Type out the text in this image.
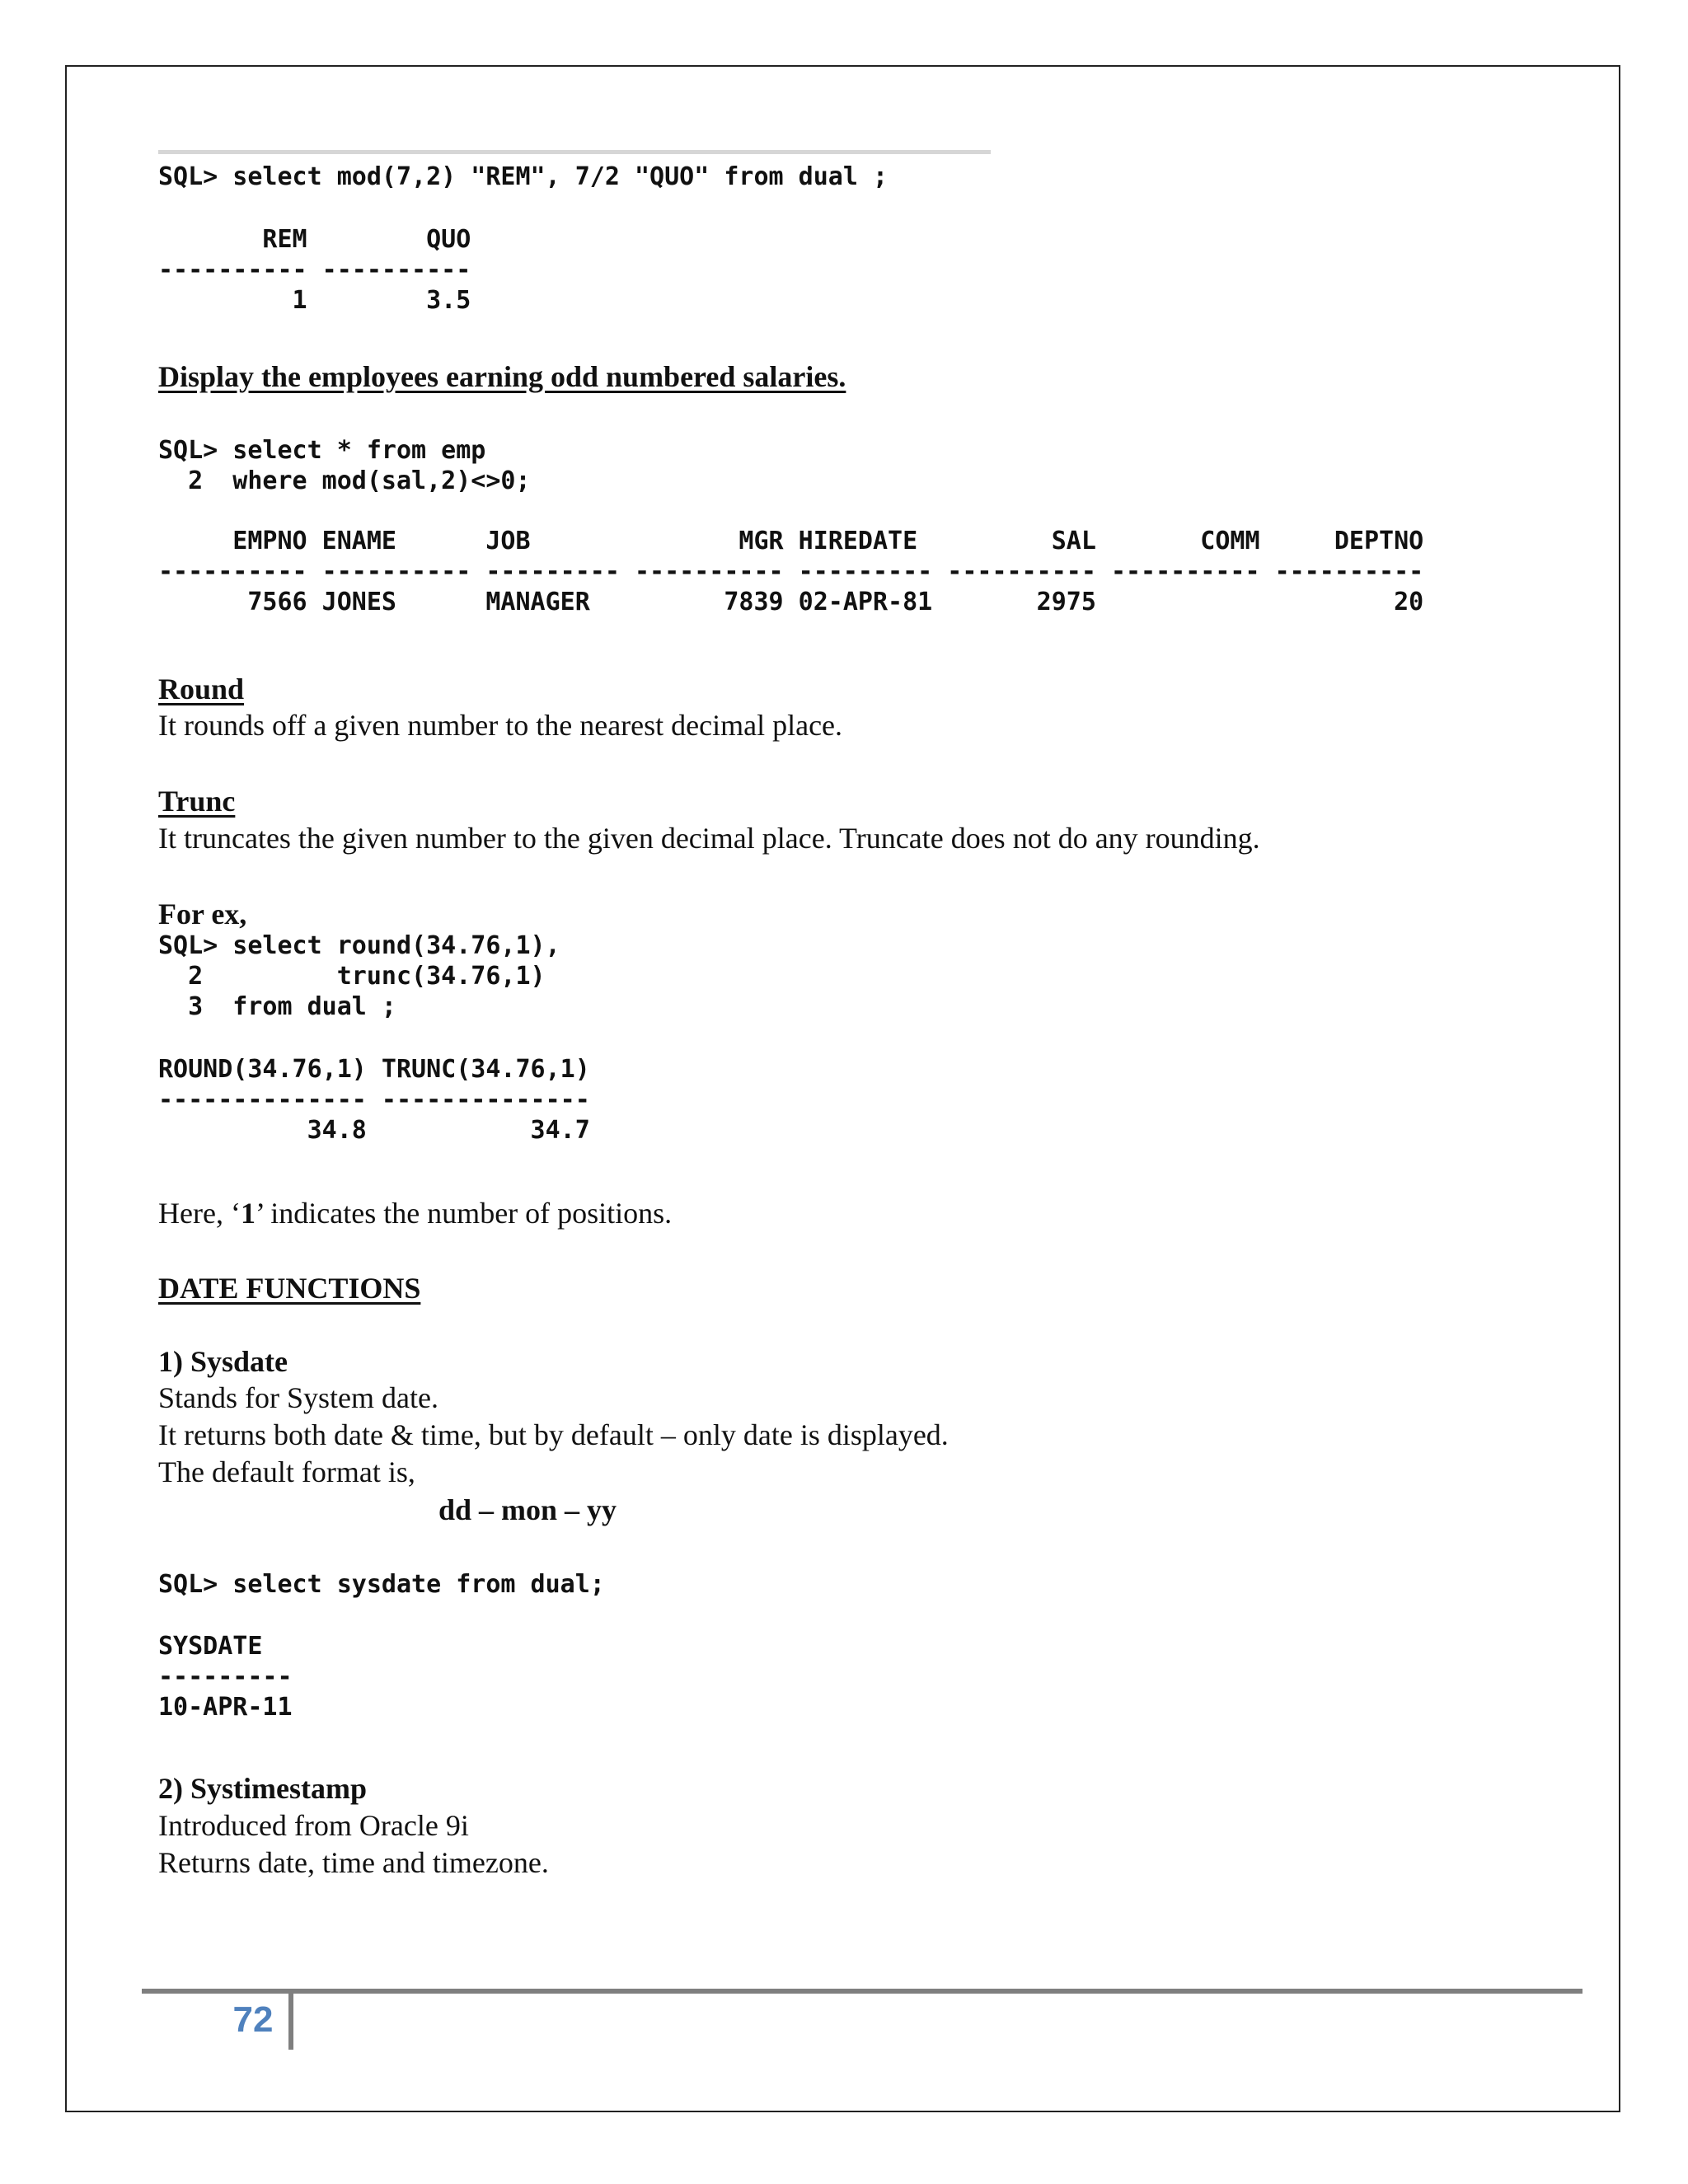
SQL> select mod(7,2) "REM", 7/2 "QUO" from dual ;
REM        QUO
---------- ----------
1        3.5

Display the employees earning odd numbered salaries.

SQL> select * from emp
2  where mod(sal,2)<>0;
EMPNO ENAME      JOB              MGR HIREDATE         SAL       COMM     DEPTNO
---------- ---------- --------- ---------- --------- ---------- ---------- ----------
7566 JONES      MANAGER         7839 02-APR-81       2975                    20

Round

It rounds off a given number to the nearest decimal place.

Trunc

It truncates the given number to the given decimal place. Truncate does not do any rounding.

For ex,

SQL> select round(34.76,1),
2         trunc(34.76,1)
3  from dual ;
ROUND(34.76,1) TRUNC(34.76,1)
-------------- --------------
34.8           34.7

Here, ‘1’ indicates the number of positions.

DATE FUNCTIONS

1) Sysdate

Stands for System date.

It returns both date & time, but by default – only date is displayed.

The default format is,

dd – mon – yy

SQL> select sysdate from dual;
SYSDATE
---------
10-APR-11

2) Systimestamp

Introduced from Oracle 9i

Returns date, time and timezone.

72
